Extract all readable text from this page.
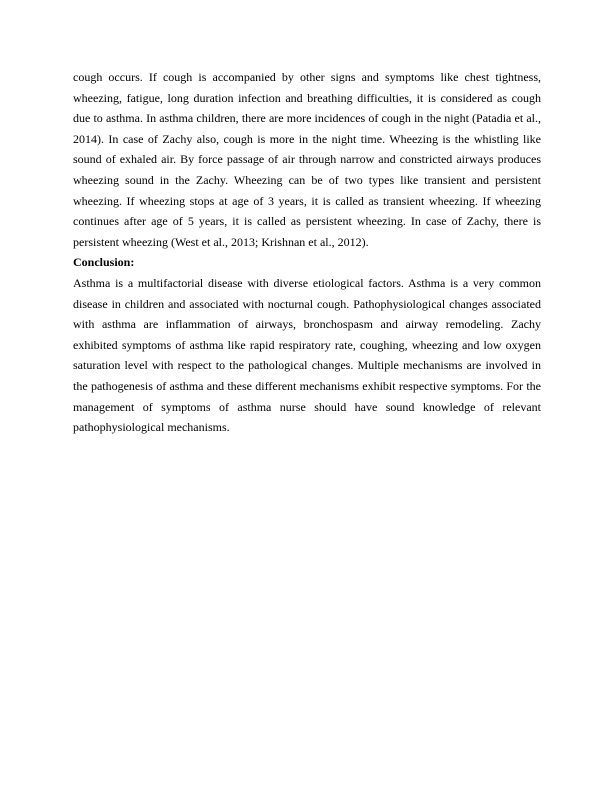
cough occurs. If cough is accompanied by other signs and symptoms like chest tightness, wheezing, fatigue, long duration infection and breathing difficulties, it is considered as cough due to asthma. In asthma children, there are more incidences of cough in the night (Patadia et al., 2014). In case of Zachy also, cough is more in the night time. Wheezing is the whistling like sound of exhaled air. By force passage of air through narrow and constricted airways produces wheezing sound in the Zachy. Wheezing can be of two types like transient and persistent wheezing. If wheezing stops at age of 3 years, it is called as transient wheezing. If wheezing continues after age of 5 years, it is called as persistent wheezing. In case of Zachy, there is persistent wheezing (West et al., 2013; Krishnan et al., 2012).

Conclusion:

Asthma is a multifactorial disease with diverse etiological factors. Asthma is a very common disease in children and associated with nocturnal cough. Pathophysiological changes associated with asthma are inflammation of airways, bronchospasm and airway remodeling. Zachy exhibited symptoms of asthma like rapid respiratory rate, coughing, wheezing and low oxygen saturation level with respect to the pathological changes. Multiple mechanisms are involved in the pathogenesis of asthma and these different mechanisms exhibit respective symptoms. For the management of symptoms of asthma nurse should have sound knowledge of relevant pathophysiological mechanisms.
